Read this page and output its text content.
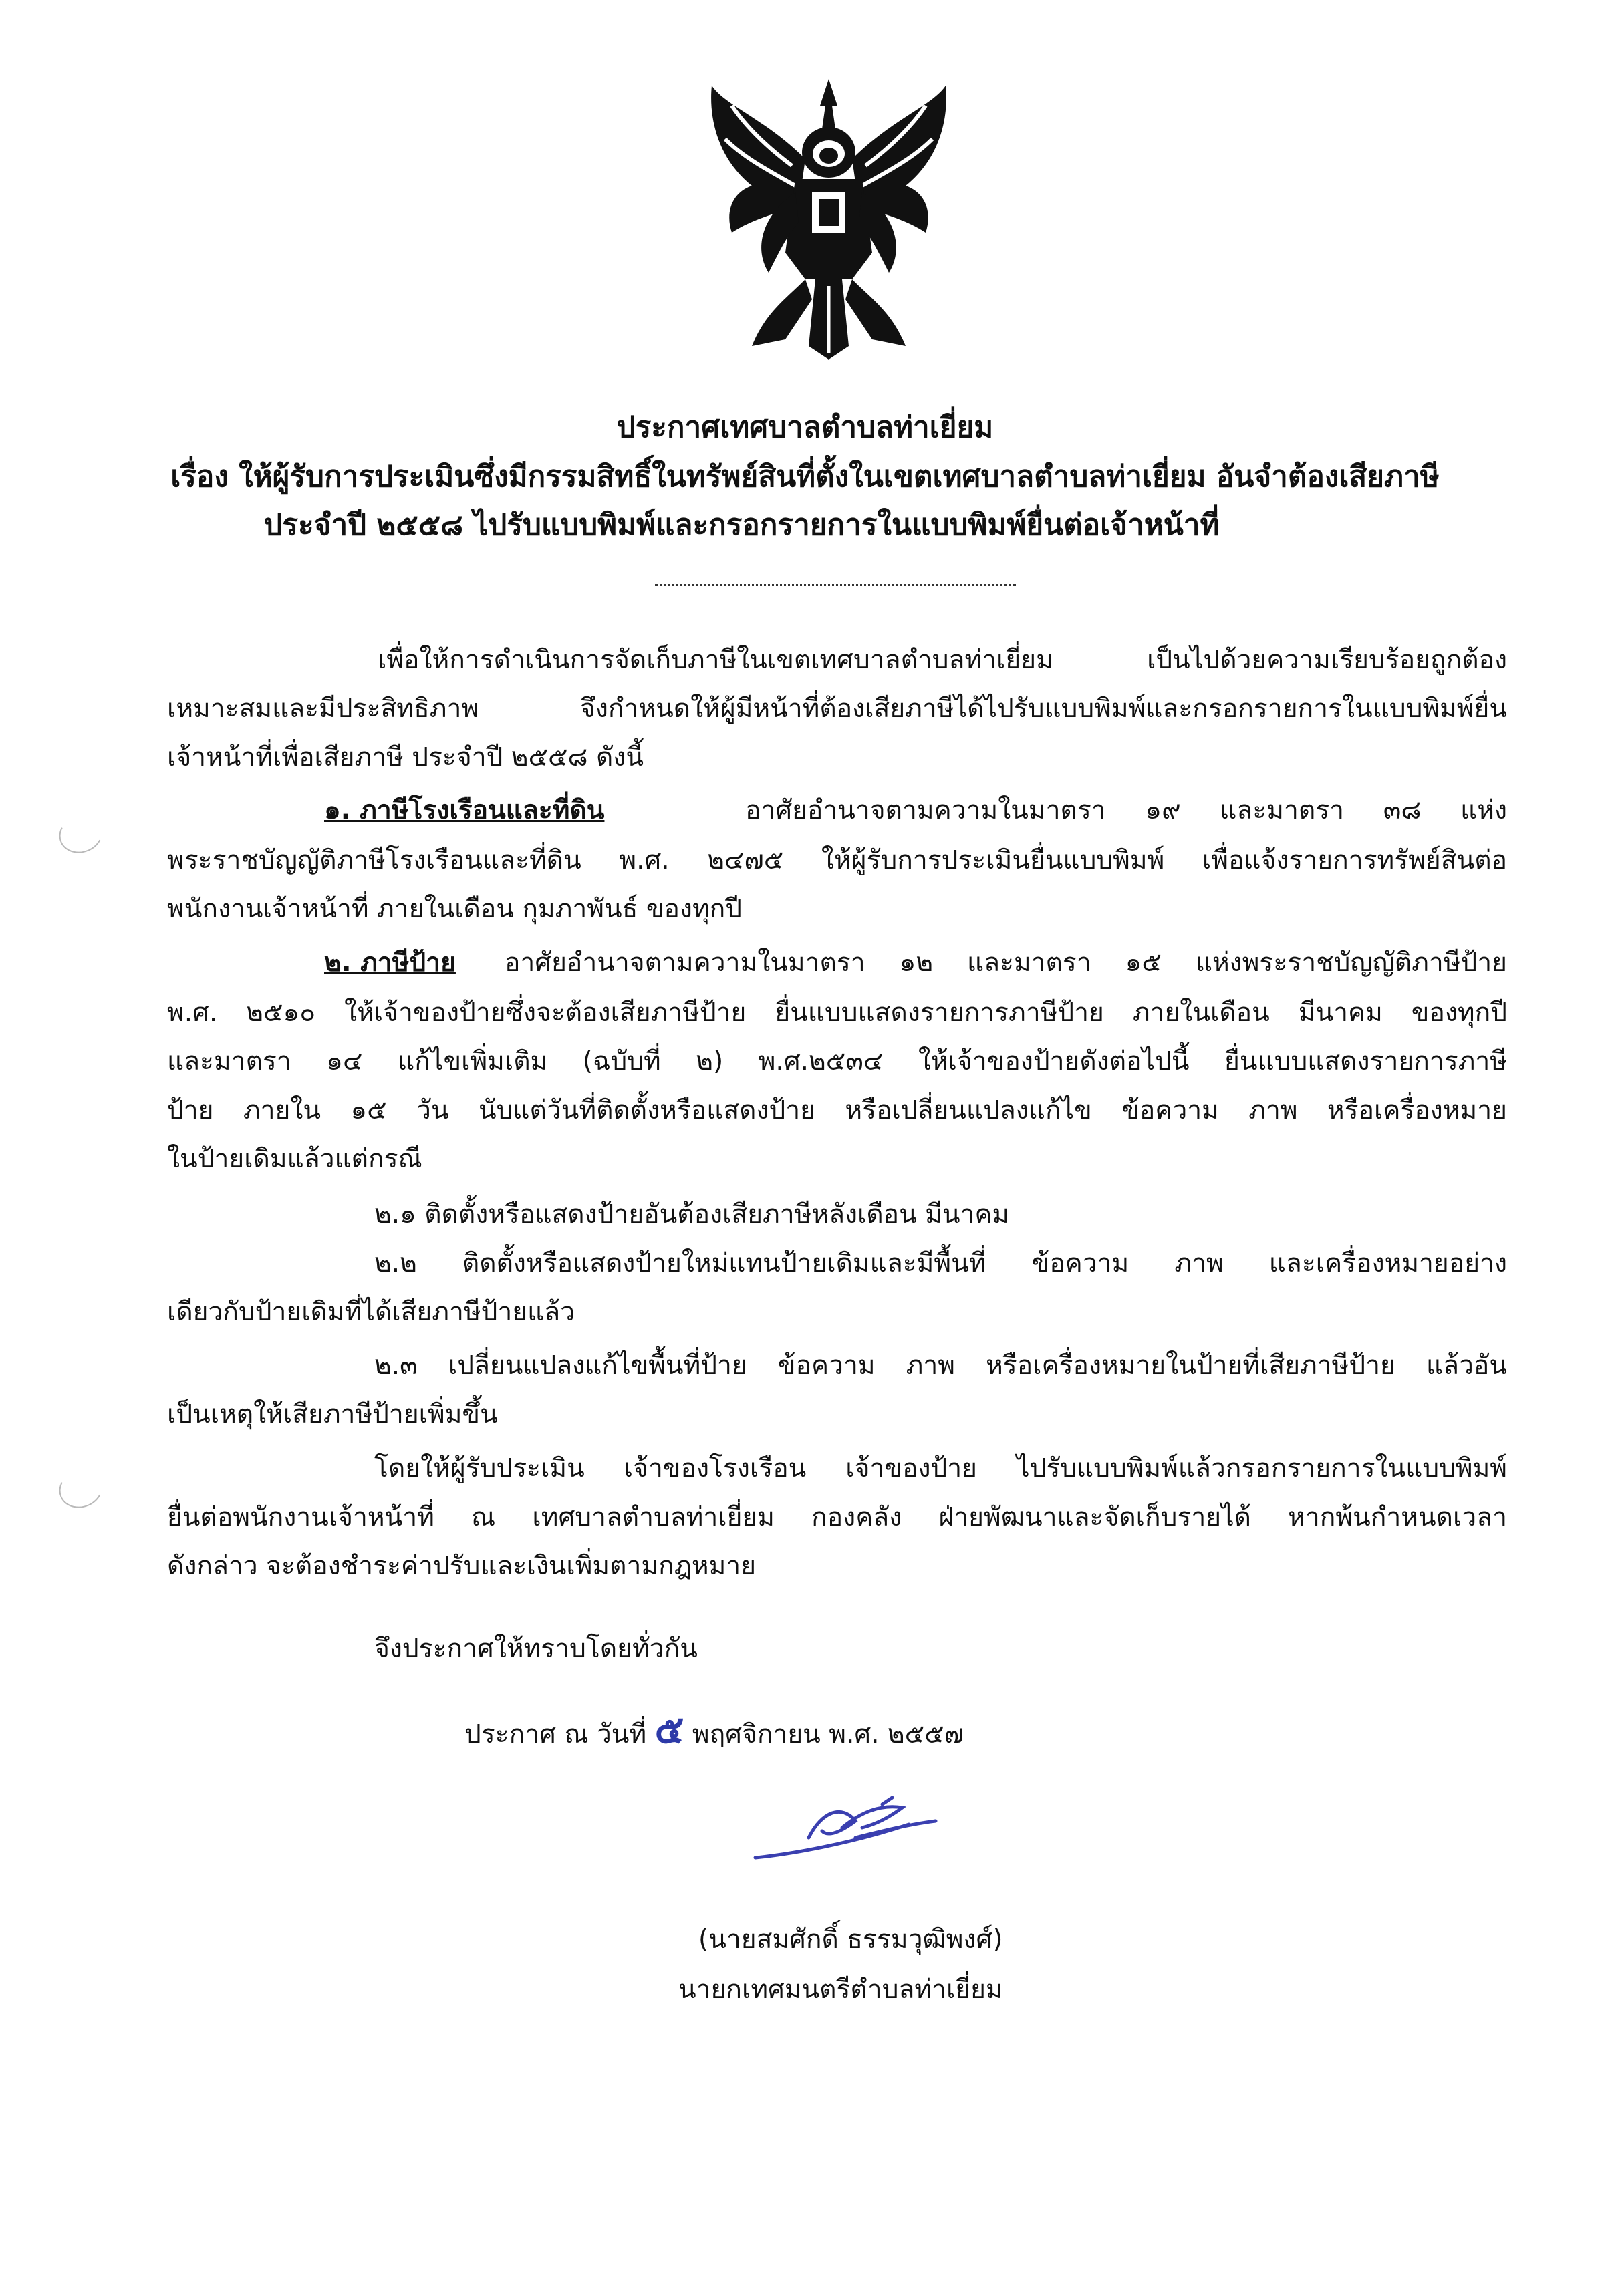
ประกาศเทศบาลตำบลท่าเยี่ยม
เรื่อง ให้ผู้รับการประเมินซึ่งมีกรรมสิทธิ์ในทรัพย์สินที่ตั้งในเขตเทศบาลตำบลท่าเยี่ยม อันจำต้องเสียภาษี
ประจำปี ๒๕๕๘ ไปรับแบบพิมพ์และกรอกรายการในแบบพิมพ์ยื่นต่อเจ้าหน้าที่
เพื่อให้การดำเนินการจัดเก็บภาษีในเขตเทศบาลตำบลท่าเยี่ยม เป็นไปด้วยความเรียบร้อยถูกต้อง
เหมาะสมและมีประสิทธิภาพ จึงกำหนดให้ผู้มีหน้าที่ต้องเสียภาษีได้ไปรับแบบพิมพ์และกรอกรายการในแบบพิมพ์ยื่น
เจ้าหน้าที่เพื่อเสียภาษี ประจำปี ๒๕๕๘ ดังนี้
๑. ภาษีโรงเรือนและที่ดิน	อาศัยอำนาจตามความในมาตรา ๑๙ และมาตรา ๓๘ แห่ง
พระราชบัญญัติภาษีโรงเรือนและที่ดิน พ.ศ. ๒๔๗๕ ให้ผู้รับการประเมินยื่นแบบพิมพ์ เพื่อแจ้งรายการทรัพย์สินต่อ
พนักงานเจ้าหน้าที่ ภายในเดือน กุมภาพันธ์ ของทุกปี
๒. ภาษีป้าย อาศัยอำนาจตามความในมาตรา ๑๒ และมาตรา ๑๕ แห่งพระราชบัญญัติภาษีป้าย
พ.ศ. ๒๕๑๐ ให้เจ้าของป้ายซึ่งจะต้องเสียภาษีป้าย ยื่นแบบแสดงรายการภาษีป้าย ภายในเดือน มีนาคม ของทุกปี
และมาตรา ๑๔ แก้ไขเพิ่มเติม (ฉบับที่ ๒) พ.ศ.๒๕๓๔ ให้เจ้าของป้ายดังต่อไปนี้ ยื่นแบบแสดงรายการภาษี
ป้าย ภายใน ๑๕ วัน นับแต่วันที่ติดตั้งหรือแสดงป้าย หรือเปลี่ยนแปลงแก้ไข ข้อความ ภาพ หรือเครื่องหมาย
ในป้ายเดิมแล้วแต่กรณี
๒.๑ ติดตั้งหรือแสดงป้ายอันต้องเสียภาษีหลังเดือน มีนาคม
๒.๒ ติดตั้งหรือแสดงป้ายใหม่แทนป้ายเดิมและมีพื้นที่ ข้อความ ภาพ และเครื่องหมายอย่าง
เดียวกับป้ายเดิมที่ได้เสียภาษีป้ายแล้ว
๒.๓ เปลี่ยนแปลงแก้ไขพื้นที่ป้าย ข้อความ ภาพ หรือเครื่องหมายในป้ายที่เสียภาษีป้าย แล้วอัน
เป็นเหตุให้เสียภาษีป้ายเพิ่มขึ้น
โดยให้ผู้รับประเมิน เจ้าของโรงเรือน เจ้าของป้าย ไปรับแบบพิมพ์แล้วกรอกรายการในแบบพิมพ์
ยื่นต่อพนักงานเจ้าหน้าที่ ณ เทศบาลตำบลท่าเยี่ยม กองคลัง ฝ่ายพัฒนาและจัดเก็บรายได้ หากพ้นกำหนดเวลา
ดังกล่าว จะต้องชำระค่าปรับและเงินเพิ่มตามกฎหมาย
จึงประกาศให้ทราบโดยทั่วกัน
ประกาศ ณ วันที่ ๕ พฤศจิกายน พ.ศ. ๒๕๕๗
(นายสมศักดิ์ ธรรมวุฒิพงศ์)
นายกเทศมนตรีตำบลท่าเยี่ยม
